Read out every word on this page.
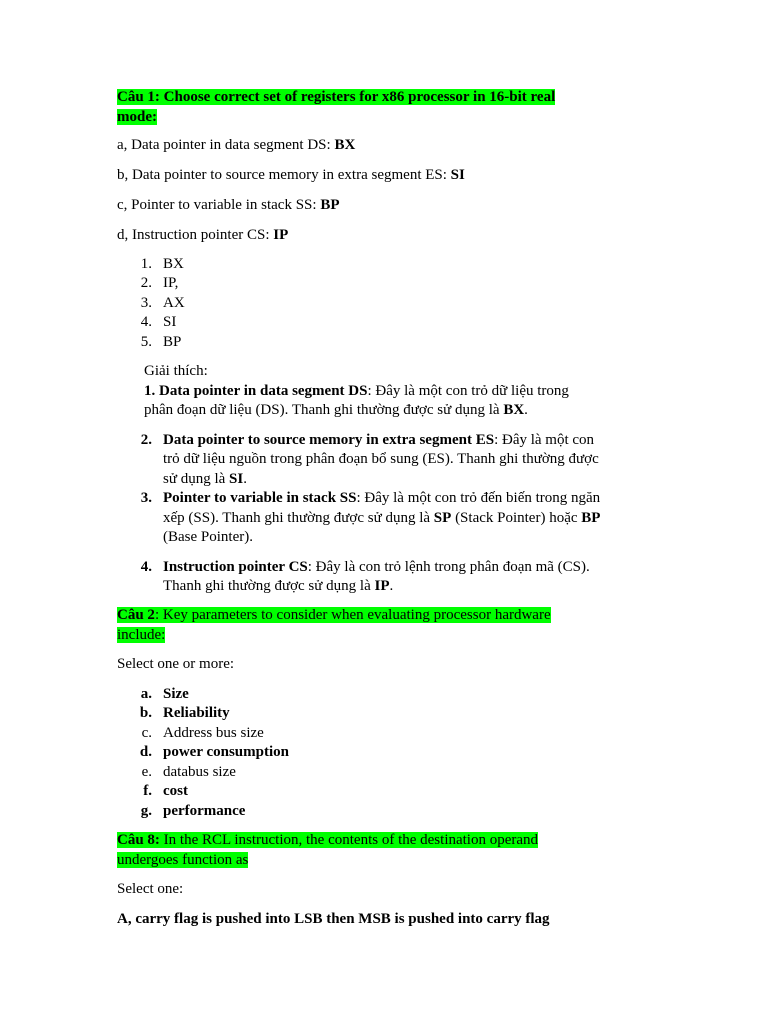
Câu 1: Choose correct set of registers for x86 processor in 16-bit real
mode:
a, Data pointer in data segment DS: BX
b, Data pointer to source memory in extra segment ES: SI
c, Pointer to variable in stack SS: BP
d, Instruction pointer CS: IP
1. BX
2. IP,
3. AX
4. SI
5. BP
Giải thích:
1. Data pointer in data segment DS: Đây là một con trỏ dữ liệu trong
phân đoạn dữ liệu (DS). Thanh ghi thường được sử dụng là BX.
2. Data pointer to source memory in extra segment ES: Đây là một con
trỏ dữ liệu nguồn trong phân đoạn bổ sung (ES). Thanh ghi thường được
sử dụng là SI.
3. Pointer to variable in stack SS: Đây là một con trỏ đến biến trong ngăn
xếp (SS). Thanh ghi thường được sử dụng là SP (Stack Pointer) hoặc BP
(Base Pointer).
4. Instruction pointer CS: Đây là con trỏ lệnh trong phân đoạn mã (CS).
Thanh ghi thường được sử dụng là IP.
Câu 2: Key parameters to consider when evaluating processor hardware
include:
Select one or more:
a. Size
b. Reliability
c. Address bus size
d. power consumption
e. databus size
f. cost
g. performance
Câu 8: In the RCL instruction, the contents of the destination operand
undergoes function as
Select one:
A, carry flag is pushed into LSB then MSB is pushed into carry flag
